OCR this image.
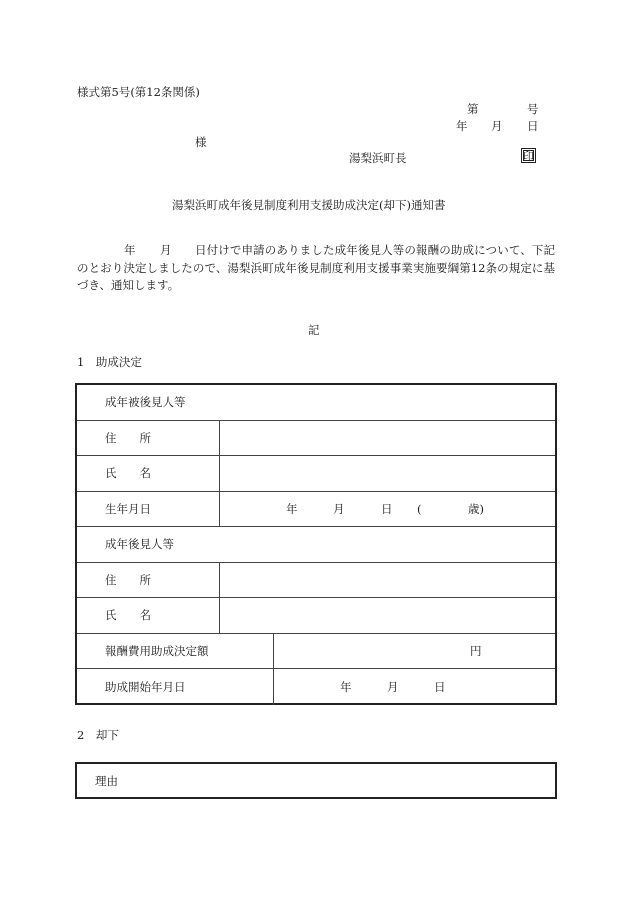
様式第5号(第12条関係)
第	号
年 月 日
様
湯梨浜町長	印
湯梨浜町成年後見制度利用支援助成決定(却下)通知書
年 月	日付けで申請のありました成年後見人等の報酬の助成について、下記のとおり決定しましたので、湯梨浜町成年後見制度利用支援事業実施要綱第12条の規定に基づき、通知します。
記
1　助成決定
成年被後見人等
住　　所
氏　　名
生年月日	年	月	日 (	歳)
成年後見人等
住　　所
氏　　名
報酬費用助成決定額	円
助成開始年月日	年	月	日
2　却下
理由
